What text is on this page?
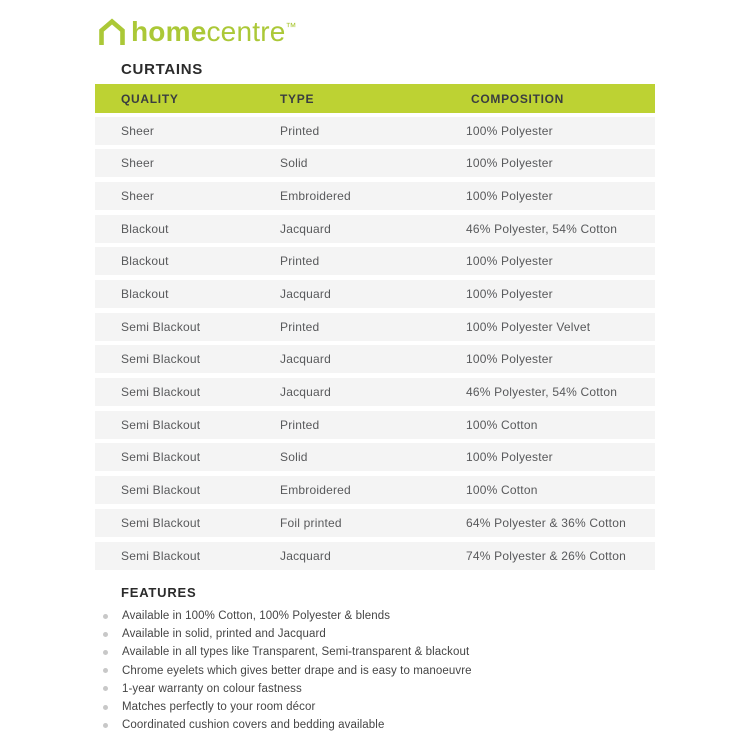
homecentre™
CURTAINS
QUALITY	TYPE	COMPOSITION
Sheer	Printed	100% Polyester
Sheer	Solid	100% Polyester
Sheer	Embroidered	100% Polyester
Blackout	Jacquard	46% Polyester, 54% Cotton
Blackout	Printed	100% Polyester
Blackout	Jacquard	100% Polyester
Semi Blackout	Printed	100% Polyester Velvet
Semi Blackout	Jacquard	100% Polyester
Semi Blackout	Jacquard	46% Polyester, 54% Cotton
Semi Blackout	Printed	100% Cotton
Semi Blackout	Solid	100% Polyester
Semi Blackout	Embroidered	100% Cotton
Semi Blackout	Foil printed	64% Polyester & 36% Cotton
Semi Blackout	Jacquard	74% Polyester & 26% Cotton
FEATURES
Available in 100% Cotton, 100% Polyester & blends
Available in solid, printed and Jacquard
Available in all types like Transparent, Semi-transparent & blackout
Chrome eyelets which gives better drape and is easy to manoeuvre
1-year warranty on colour fastness
Matches perfectly to your room décor
Coordinated cushion covers and bedding available
